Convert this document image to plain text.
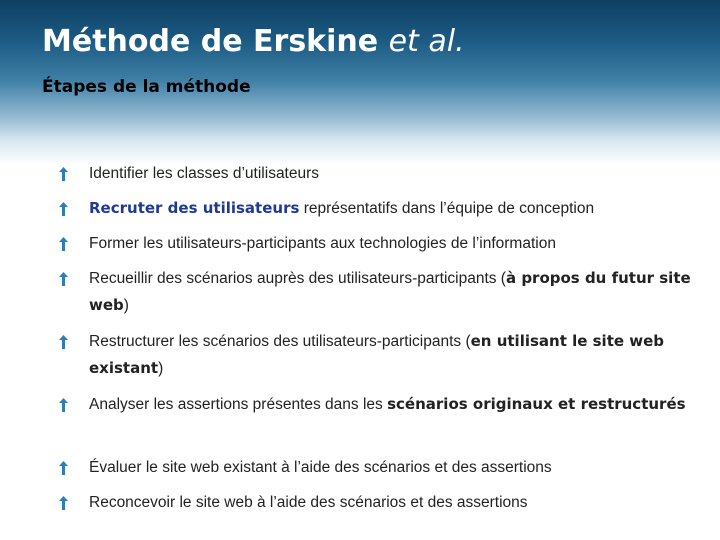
Méthode de Erskine et al.
Étapes de la méthode
Identifier les classes d’utilisateurs
Recruter des utilisateurs représentatifs dans l’équipe de conception
Former les utilisateurs-participants aux technologies de l’information
Recueillir des scénarios auprès des utilisateurs-participants (à propos du futur site web)
Restructurer les scénarios des utilisateurs-participants (en utilisant le site web existant)
Analyser les assertions présentes dans les scénarios originaux et restructurés
Évaluer le site web existant à l’aide des scénarios et des assertions
Reconcevoir le site web à l’aide des scénarios et des assertions
